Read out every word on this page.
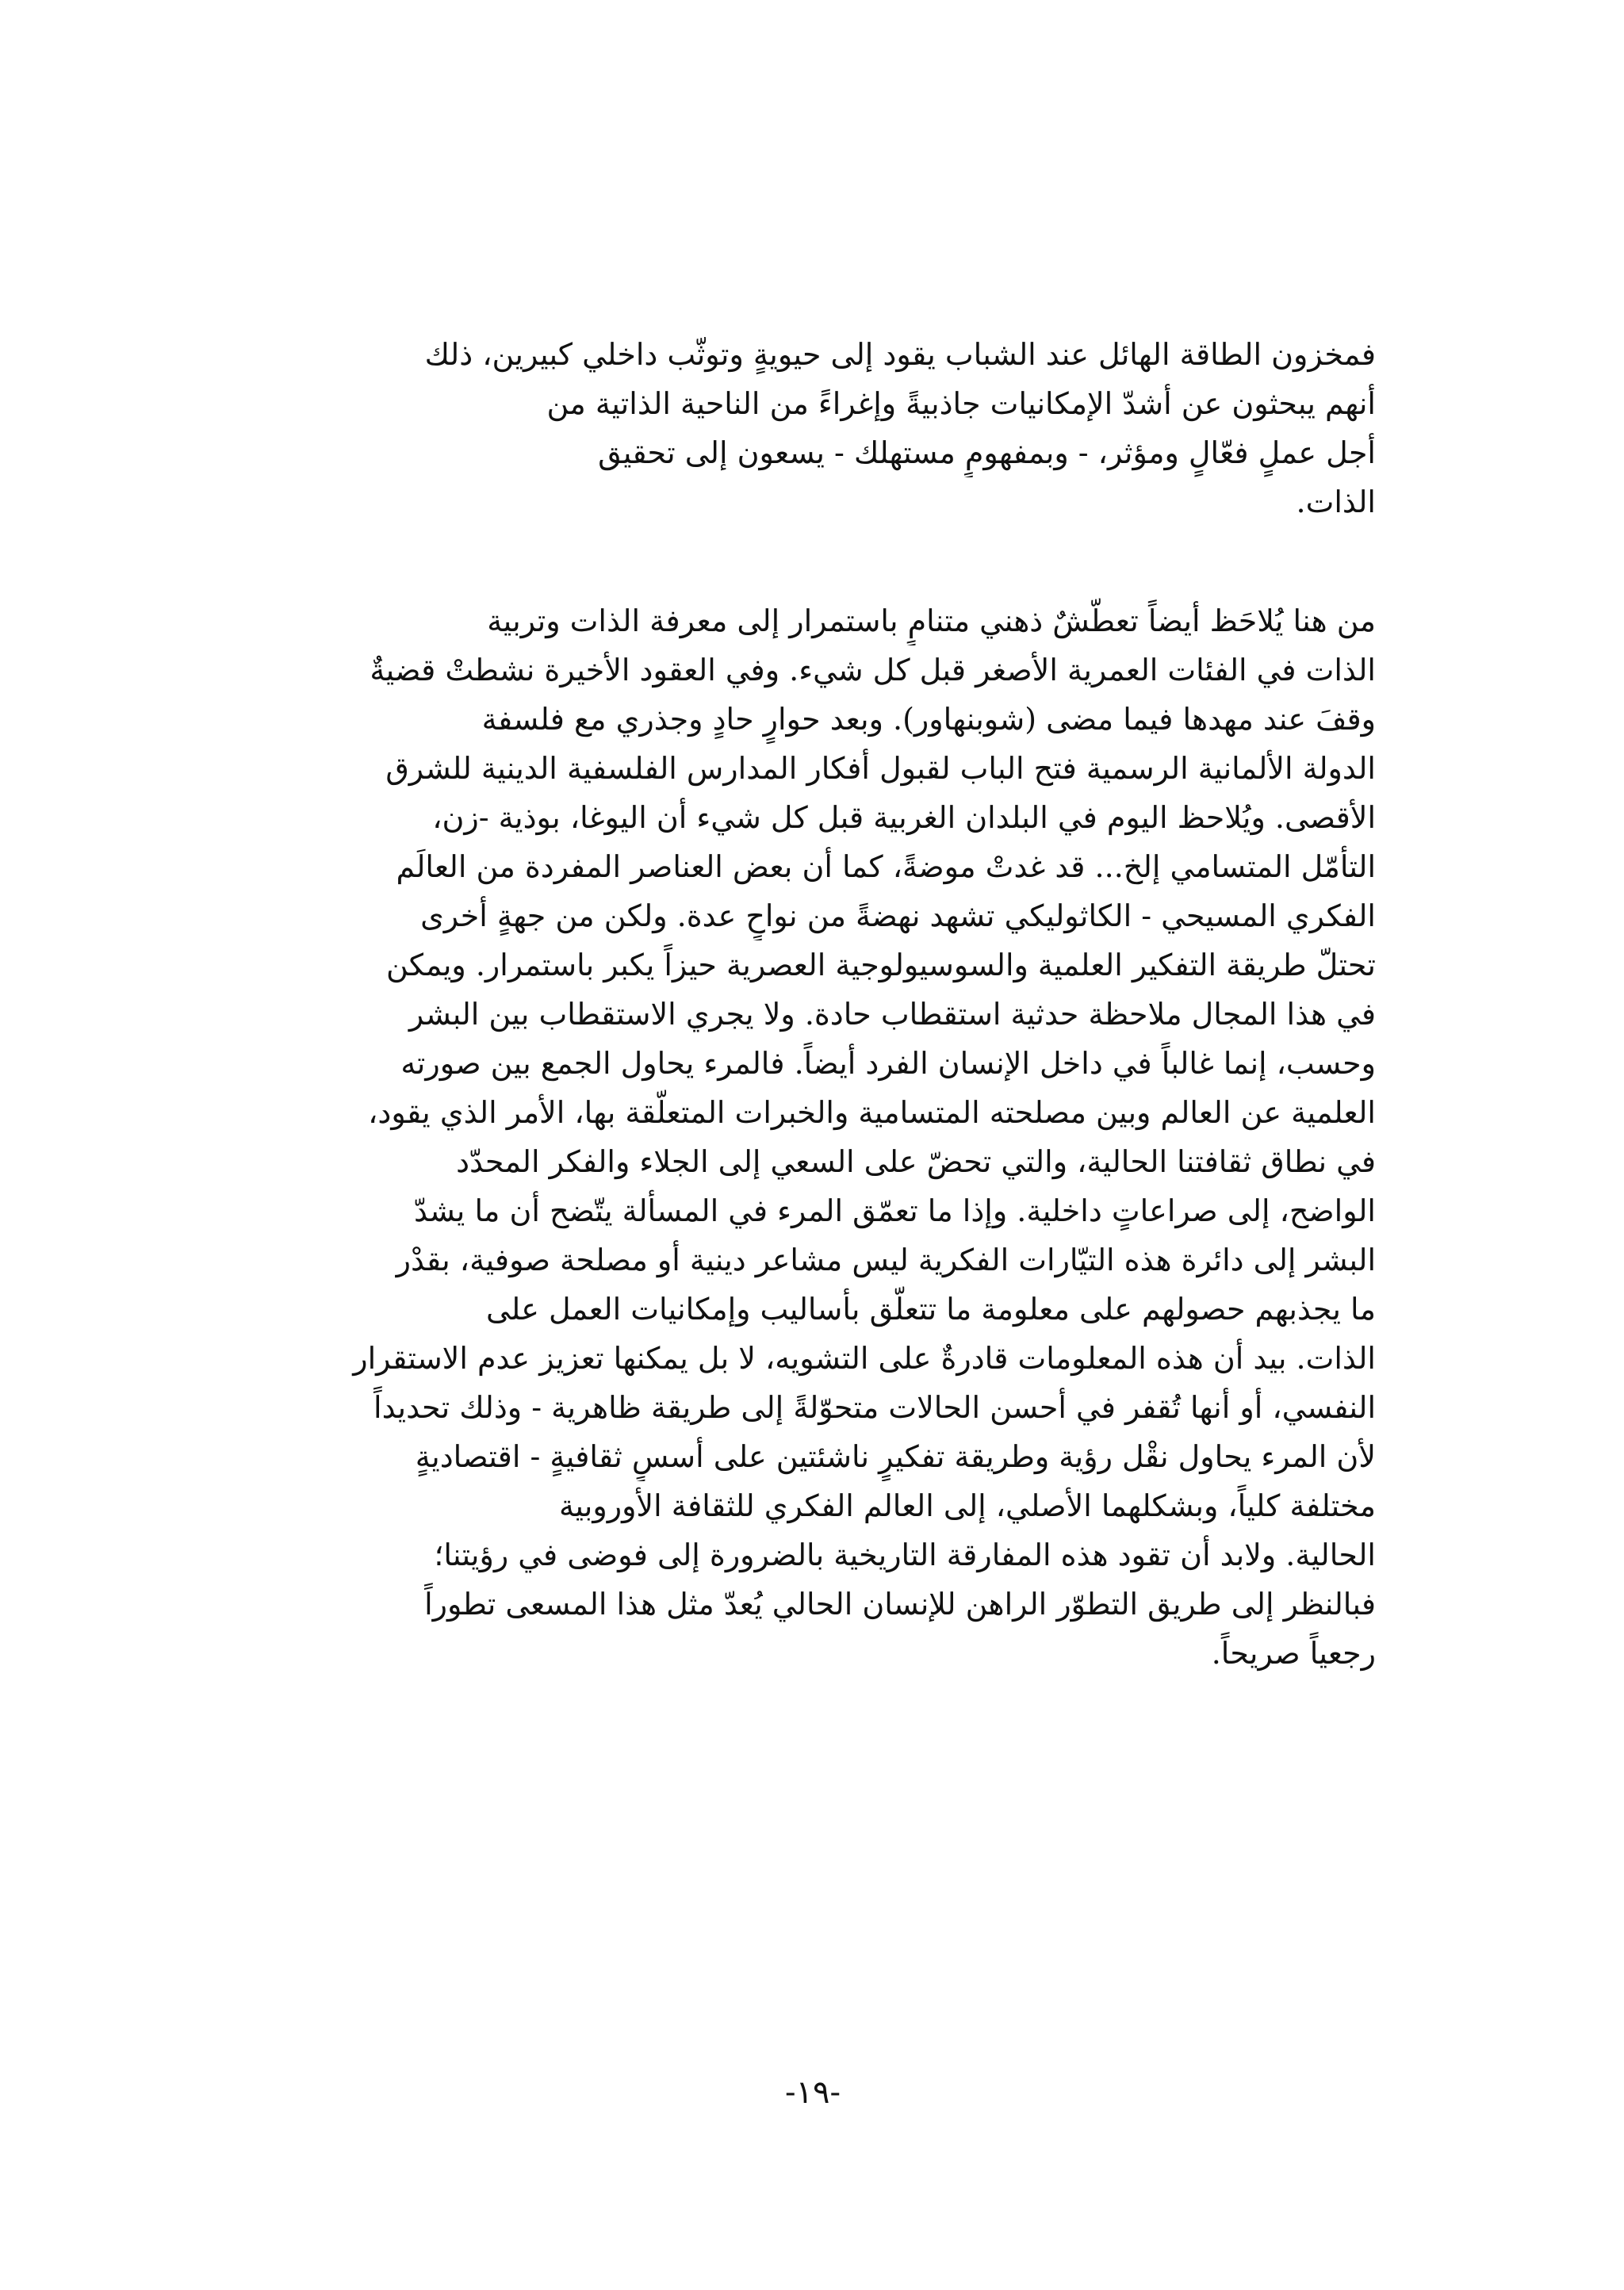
فمخزون الطاقة الهائل عند الشباب يقود إلى حيويةٍ وتوثّب داخلي كبيرين، ذلك
أنهم يبحثون عن أشدّ الإمكانيات جاذبيةً وإغراءً من الناحية الذاتية من
أجل عملٍ فعّالٍ ومؤثر، - وبمفهومٍ مستهلك - يسعون إلى تحقيق
الذات.
من هنا يُلاحَظ أيضاً تعطّشٌ ذهني متنامٍ باستمرار إلى معرفة الذات وتربية
الذات في الفئات العمرية الأصغر قبل كل شيء. وفي العقود الأخيرة نشطتْ قضيةٌ
وقفَ عند مهدها فيما مضى (شوبنهاور). وبعد حوارٍ حادٍ وجذري مع فلسفة
الدولة الألمانية الرسمية فتح الباب لقبول أفكار المدارس الفلسفية الدينية للشرق
الأقصى. ويُلاحظ اليوم في البلدان الغربية قبل كل شيء أن اليوغا، بوذية -زن،
التأمّل المتسامي إلخ... قد غدتْ موضةً، كما أن بعض العناصر المفردة من العالَم
الفكري المسيحي - الكاثوليكي تشهد نهضةً من نواحٍ عدة. ولكن من جهةٍ أخرى
تحتلّ طريقة التفكير العلمية والسوسيولوجية العصرية حيزاً يكبر باستمرار. ويمكن
في هذا المجال ملاحظة حدثية استقطاب حادة. ولا يجري الاستقطاب بين البشر
وحسب، إنما غالباً في داخل الإنسان الفرد أيضاً. فالمرء يحاول الجمع بين صورته
العلمية عن العالم وبين مصلحته المتسامية والخبرات المتعلّقة بها، الأمر الذي يقود،
في نطاق ثقافتنا الحالية، والتي تحضّ على السعي إلى الجلاء والفكر المحدّد
الواضح، إلى صراعاتٍ داخلية. وإذا ما تعمّق المرء في المسألة يتّضح أن ما يشدّ
البشر إلى دائرة هذه التيّارات الفكرية ليس مشاعر دينية أو مصلحة صوفية، بقدْر
ما يجذبهم حصولهم على معلومة ما تتعلّق بأساليب وإمكانيات العمل على
الذات. بيد أن هذه المعلومات قادرةٌ على التشويه، لا بل يمكنها تعزيز عدم الاستقرار
النفسي، أو أنها تُقفر في أحسن الحالات متحوّلةً إلى طريقة ظاهرية - وذلك تحديداً
لأن المرء يحاول نقْل رؤية وطريقة تفكيرٍ ناشئتين على أسسٍ ثقافيةٍ - اقتصاديةٍ
مختلفة كلياً، وبشكلهما الأصلي، إلى العالم الفكري للثقافة الأوروبية
الحالية. ولابد أن تقود هذه المفارقة التاريخية بالضرورة إلى فوضى في رؤيتنا؛
فبالنظر إلى طريق التطوّر الراهن للإنسان الحالي يُعدّ مثل هذا المسعى تطوراً
رجعياً صريحاً.
-١٩-
